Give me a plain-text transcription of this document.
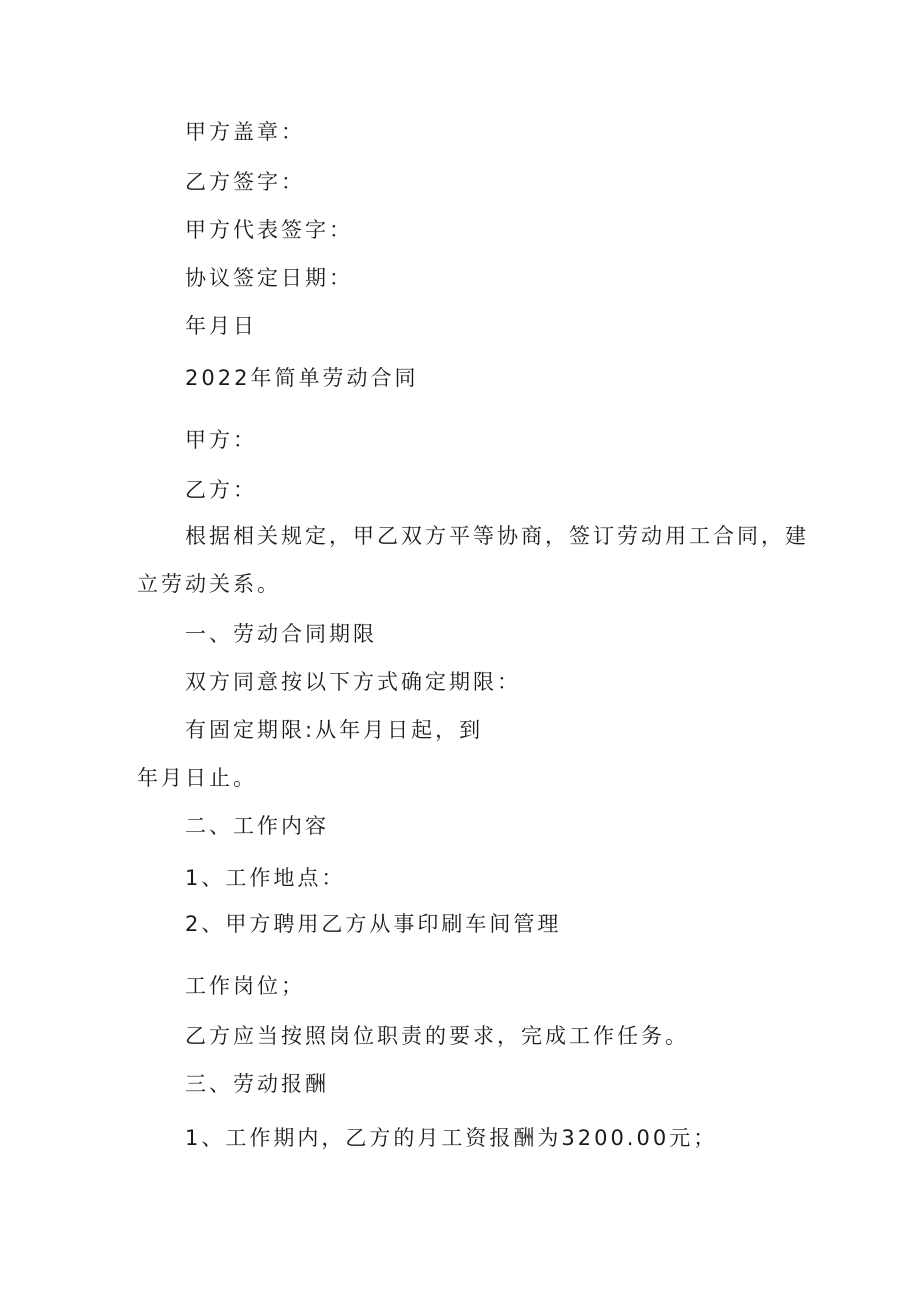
甲方盖章：
乙方签字：
甲方代表签字：
协议签定日期：
年月日
2022年简单劳动合同
甲方：
乙方：
根据相关规定，甲乙双方平等协商，签订劳动用工合同，建
立劳动关系。
一、劳动合同期限
双方同意按以下方式确定期限：
有固定期限:从年月日起，到
年月日止。
二、工作内容
1、工作地点：
2、甲方聘用乙方从事印刷车间管理
工作岗位；
乙方应当按照岗位职责的要求，完成工作任务。
三、劳动报酬
1、工作期内，乙方的月工资报酬为3200.00元；
